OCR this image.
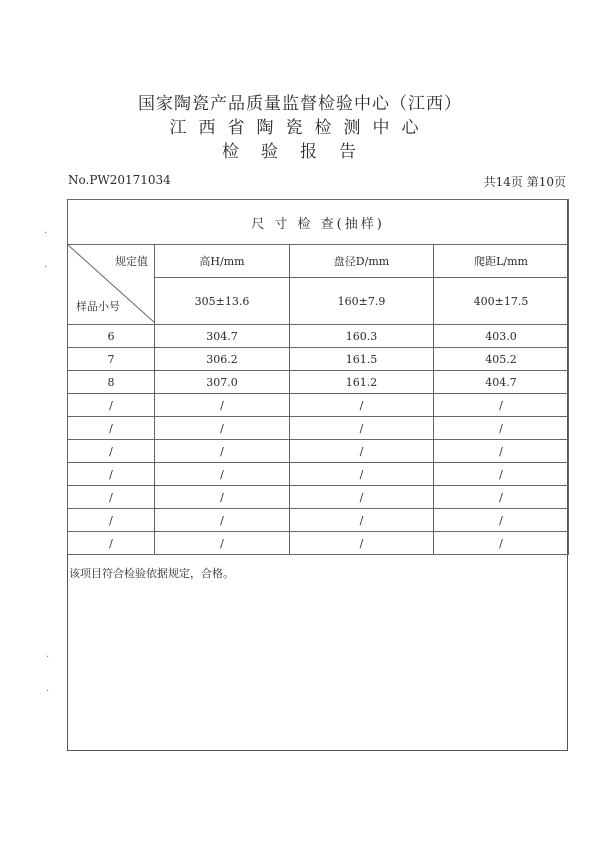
国家陶瓷产品质量监督检验中心（江西）
江西省陶瓷检测中心
检验报告
No.PW20171034	共14页 第10页
尺 寸 检 查(抽样)			

规定值
样品小号	高H/mm	盘径D/mm	爬距L/mm
	305±13.6	160±7.9	400±17.5
6	304.7	160.3	403.0
7	306.2	161.5	405.2
8	307.0	161.2	404.7
/	/	/	/
/	/	/	/
/	/	/	/
/	/	/	/
/	/	/	/
/	/	/	/
/	/	/	/
该项目符合检验依据规定，合格。
·
·
·
·
